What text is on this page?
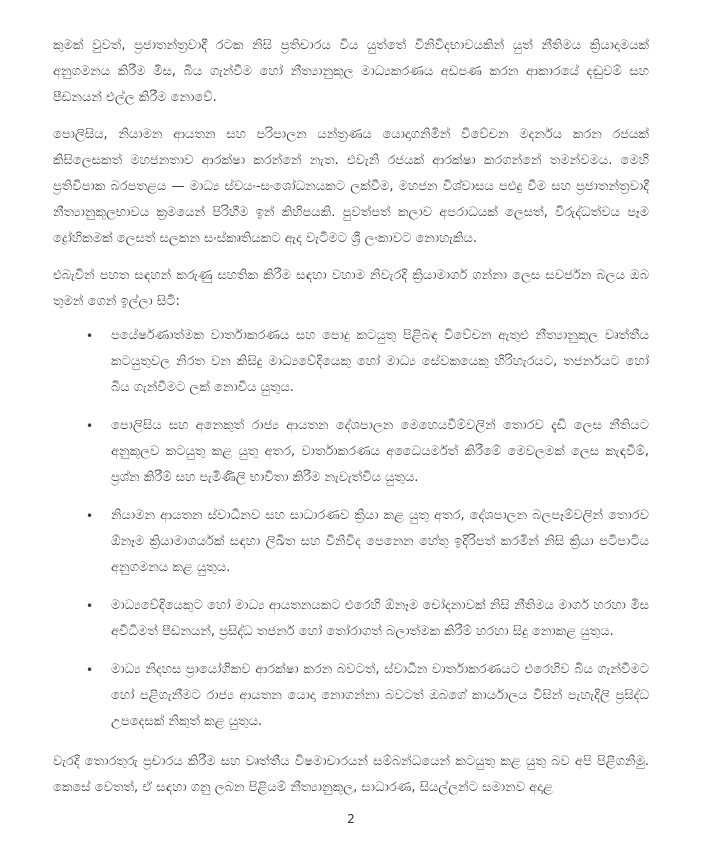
කුමක් වුවත්, ප්‍රජාතන්ත්‍රවාදී රටක නිසි ප්‍රතිචාරය විය යුත්තේ විනිවිදභාවයකින් යුත් නීතිමය ක්‍රියාදාමයක් අනුගමනය කිරීම මිස, බිය ගැන්වීම හෝ නීත්‍යානුකූල මාධ්‍යකරණය අඩපණ කරන ආකාරයේ දඬුවම් සහ පීඩනයන් එල්ල කිරීම නොවේ.

පොලිසිය, නියාමන ආයතන සහ පරිපාලන යන්ත්‍රණය යොදාගනිමින් විවේචන මදර්නය කරන රජයක් කිසිලෙසකත් මහජනතාව ආරක්ෂා කරන්නේ නැත. එවැනි රජයක් ආරක්ෂා කරගන්නේ තමන්වමය. මෙහි ප්‍රතිවිපාක බරපතළය — මාධ්‍ය ස්වයං-සංශෝධනයකට ලක්වීම, මහජන විශ්වාසය පළුදු වීම සහ ප්‍රජාතන්ත්‍රවාදී නීත්‍යානුකූලභාවය ක්‍රමයෙන් පිරිහීම ඉන් කිහිපයකි. පුවත්පත් කලාව අපරාධයක් ලෙසත්, විරුද්ධත්වය පෑම ද්‍රෝහිකමක් ලෙසත් සලකන සංස්කෘතියකට ඇද වැටීමට ශ්‍රී ලංකාවට නොහැකිය.

එබැවින් පහත සඳහන් කරුණු සහතික කිරීම සඳහා වහාම නිවැරදි ක්‍රියාමාගර් ගන්නා ලෙස සවර්ජන බලය ඔබ තුමන් ගෙන් ඉල්ලා සිටී:

• පයේර්ෂණාත්මක වාර්තාකරණය සහ පොදු කටයුතු පිළිබඳ විවේචන ඇතුළු නීත්‍යානුකූල වෘත්තීය කටයුතුවල නිරත වන කිසිදු මාධ්‍යවේදියෙකු හෝ මාධ්‍ය සේවකයෙකු හිරිහැරයට, තජර්නයට හෝ බිය ගැන්වීමට ලක් නොවිය යුතුය.
• පොලිසිය සහ අනෙකුත් රාජ්‍ය ආයතන දේශපාලන මෙහෙයවීම්වලින් තොරව දැඩි ලෙස නීතියට අනුකූලව කටයුතු කළ යුතු අතර, වාර්තාකරණය අධෛයර්මත් කිරීමේ මෙවලමක් ලෙස කැඳවීම්, ප්‍රශ්න කිරීම් සහ පැමිණිලි භාවිතා කිරීම නැවැත්විය යුතුය.
• නියාමන ආයතන ස්වාධීනව සහ සාධාරණව ක්‍රියා කළ යුතු අතර, දේශපාලන බලපෑම්වලින් තොරව ඕනෑම ක්‍රියාමාගර්යක් සඳහා ලිඛිත සහ විනිවිද පෙනෙන හේතු ඉදිරිපත් කරමින් නිසි ක්‍රියා පටිපාටිය අනුගමනය කළ යුතුය.
• මාධ්‍යවේදියෙකුට හෝ මාධ්‍ය ආයතනයකට එරෙහි ඕනෑම චෝදනාවක් නිසි නීතිමය මාගර් හරහා මිස අවිධිමත් පීඩනයන්, ප්‍රසිද්ධ තජර්න හෝ තෝරාගත් බලාත්මක කිරීම් හරහා සිදු නොකළ යුතුය.
• මාධ්‍ය නිදහස ප්‍රායෝගිකව ආරක්ෂා කරන බවටත්, ස්වාධීන වාර්තාකරණයට එරෙහිව බිය ගැන්වීමට හෝ පළිගැනීමට රාජ්‍ය ආයතන යොදා නොගන්නා බවටත් ඔබගේ කාර්යාලය විසින් පැහැදිලි ප්‍රසිද්ධ උපදෙසක් නිකුත් කළ යුතුය.

වැරදි තොරතුරු ප්‍රචාරය කිරීම සහ වෘත්තීය විෂමාචාරයන් සම්බන්ධයෙන් කටයුතු කළ යුතු බව අපි පිළිගනිමු. කෙසේ වෙතත්, ඒ සඳහා ගනු ලබන පිළියම් නීත්‍යානුකූල, සාධාරණ, සියල්ලන්ට සමානව අදාළ

2
